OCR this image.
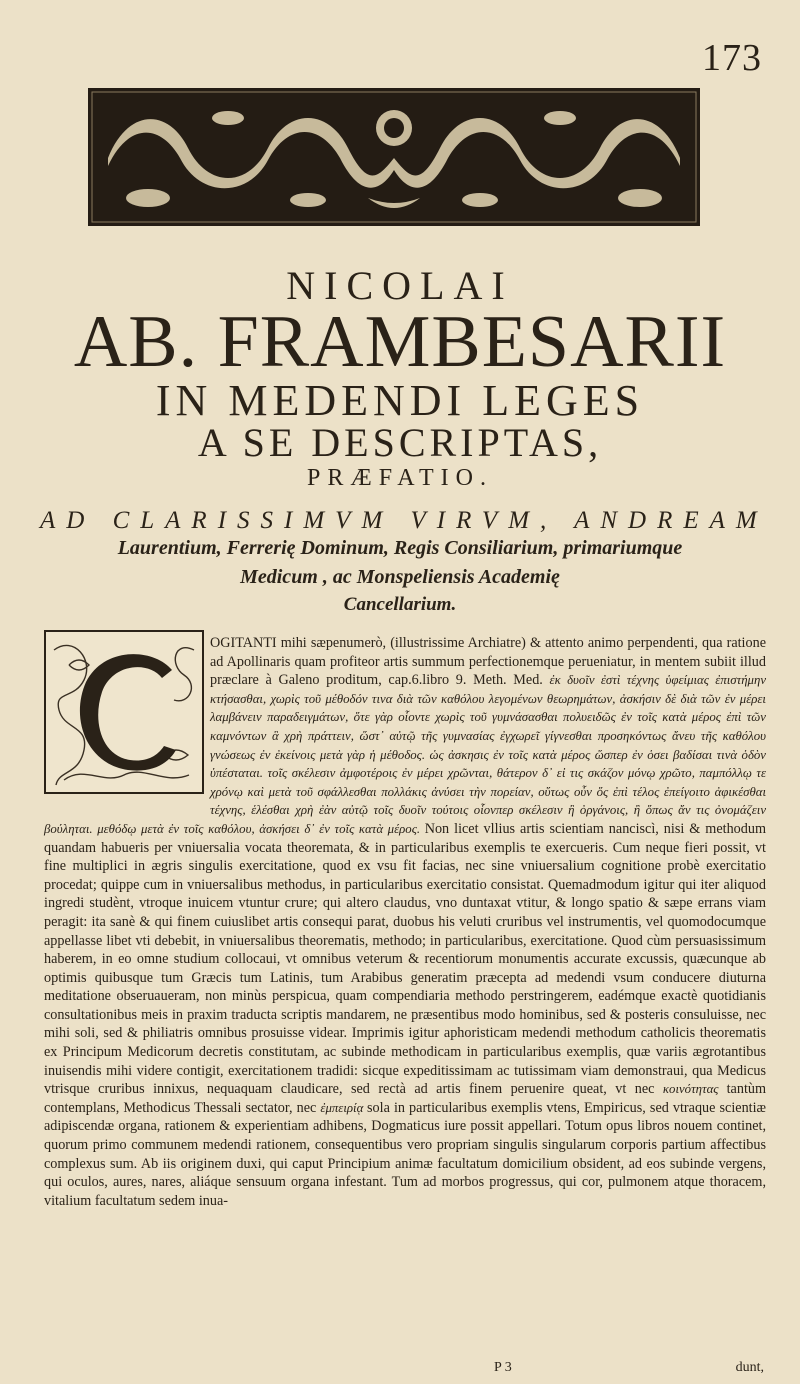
173
NICOLAI
AB. FRAMBESARII
IN MEDENDI LEGES
A SE DESCRIPTAS,
PRÆFATIO.
AD CLARISSIMVM VIRVM, ANDREAM
Laurentium, Ferrerię Dominum, Regis Consiliarium, primariumque
Medicum , ac Monspeliensis Academię
Cancellarium.
OGITANTI mihi sæpenumerò, (illustrissime Archiatre) & attento animo perpendenti, qua ratione ad Apollinaris quam profiteor artis summum perfectionemque perueniatur, in mentem subiit illud præclare à Galeno proditum, cap.6.libro 9. Meth. Med. ἐκ δυοῖν ἐστὶ τέχνης ὑφείμιας ἐπιστήμην κτήσασθαι, χωρὶς τοῦ μέθοδόν τινα διὰ τῶν καθόλου λεγομένων θεωρημάτων, ἀσκήσιν δὲ διὰ τῶν ἐν μέρει λαμβάνειν παραδειγμάτων, ὅτε γὰρ οἷοντε χωρὶς τοῦ γυμνάσασθαι πολυειδῶς ἐν τοῖς κατὰ μέρος ἐπὶ τῶν καμνόντων ἃ χρὴ πράττειν, ὥστ᾽ αὐτῷ τῆς γυμνασίας ἐγχωρεῖ γίγνεσθαι προσηκόντως ἄνευ τῆς καθόλου γνώσεως ἐν ἐκείνοις μετὰ γὰρ ἡ μέθοδος. ὡς ἀσκησις ἐν τοῖς κατὰ μέρος ὥσπερ ἐν ὁσει βαδίσαι τινὰ ὁδὸν ὑπέσταται. τοῖς σκέλεσιν ἀμφοτέροις ἐν μέρει χρῶνται, θάτερον δ᾽ εἰ τις σκάζον μόνῳ χρῶτο, παμπόλλῳ τε χρόνῳ καὶ μετὰ τοῦ σφάλλεσθαι πολλάκις ἀνύσει τὴν πορείαν, οὕτως οὖν ὅς ἐπὶ τέλος ἐπείγοιτο ἀφικέσθαι τέχνης, ἑλέσθαι χρὴ ἐὰν αὐτῷ τοῖς δυοῖν τούτοις οἷονπερ σκέλεσιν ἢ ὀργάνοις, ἢ ὅπως ἄν τις ὀνομάζειν βούληται. μεθόδῳ μετὰ ἐν τοῖς καθόλου, ἀσκήσει δ᾽ ἐν τοῖς κατὰ μέρος. Non licet vllius artis scientiam nanciscì, nisi & methodum quandam habueris per vniuersalia vocata theoremata, & in particularibus exemplis te exercueris. Cum neque fieri possit, vt fine multiplici in ægris singulis exercitatione, quod ex vsu fit facias, nec sine vniuersalium cognitione probè exercitatio procedat; quippe cum in vniuersalibus methodus, in particularibus exercitatio consistat. Quemadmodum igitur qui iter aliquod ingredi studènt, vtroque inuicem vtuntur crure; qui altero claudus, vno duntaxat vtitur, & longo spatio & sæpe errans viam peragit: ita sanè & qui finem cuiuslibet artis consequi parat, duobus his veluti cruribus vel instrumentis, vel quomodocumque appellasse libet vti debebit, in vniuersalibus theorematis, methodo; in particularibus, exercitatione. Quod cùm persuasissimum haberem, in eo omne studium collocaui, vt omnibus veterum & recentiorum monumentis accurate excussis, quæcunque ab optimis quibusque tum Græcis tum Latinis, tum Arabibus generatim præcepta ad medendi vsum conducere diuturna meditatione obseruaueram, non minùs perspicua, quam compendiaria methodo perstringerem, eadémque exactè quotidianis consultationibus meis in praxim traducta scriptis mandarem, ne præsentibus modo hominibus, sed & posteris consuluisse, nec mihi soli, sed & philiatris omnibus prosuisse videar. Imprimis igitur aphoristicam medendi methodum catholicis theorematis ex Principum Medicorum decretis constitutam, ac subinde methodicam in particularibus exemplis, quæ variis ægrotantibus inuisendis mihi videre contigit, exercitationem tradidi: sicque expeditissimam ac tutissimam viam demonstraui, qua Medicus vtrisque cruribus innixus, nequaquam claudicare, sed rectà ad artis finem peruenire queat, vt nec κοινότητας tantùm contemplans, Methodicus Thessali sectator, nec ἐμπειρίᾳ sola in particularibus exemplis vtens, Empiricus, sed vtraque scientiæ adipiscendæ organa, rationem & experientiam adhibens, Dogmaticus iure possit appellari. Totum opus libros nouem continet, quorum primo communem medendi rationem, consequentibus vero propriam singulis singularum corporis partium affectibus complexus sum. Ab iis originem duxi, qui caput Principium animæ facultatum domicilium obsident, ad eos subinde vergens, qui oculos, aures, nares, aliáque sensuum organa infestant. Tum ad morbos progressus, qui cor, pulmonem atque thoracem, vitalium facultatum sedem inua-
P 3	dunt,
